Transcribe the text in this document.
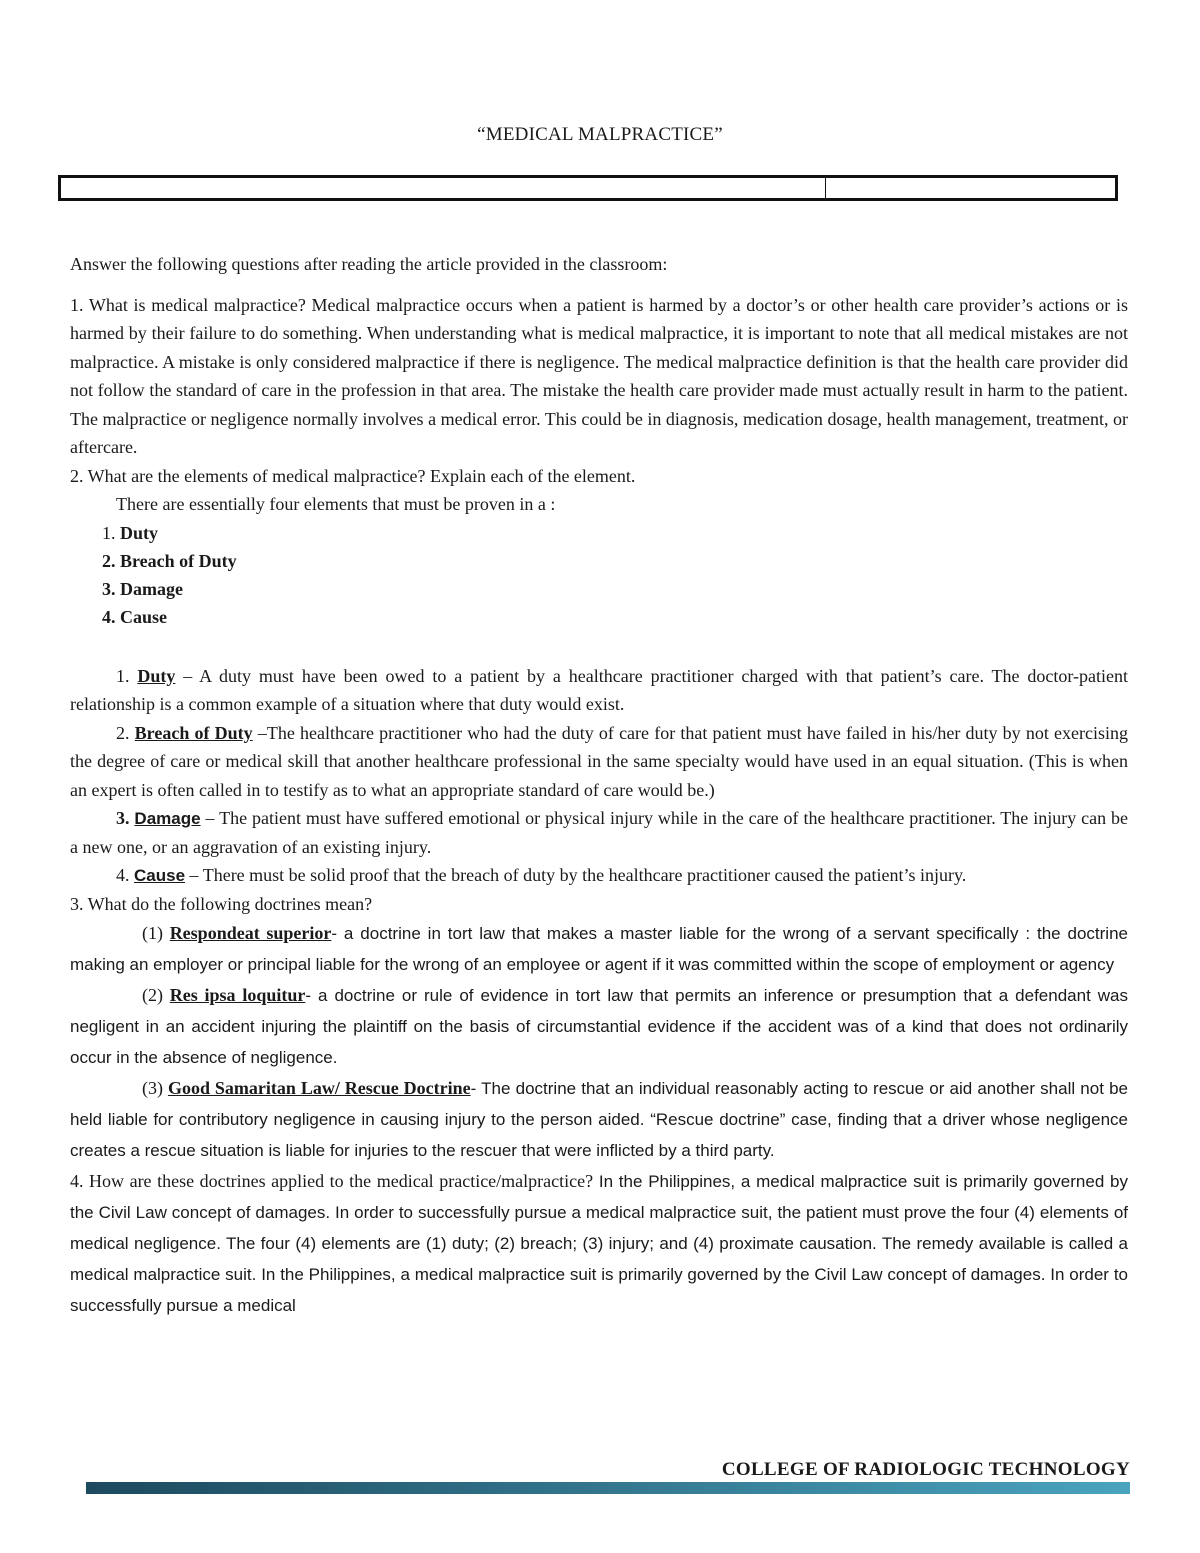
“MEDICAL MALPRACTICE”

Answer the following questions after reading the article provided in the classroom:

1. What is medical malpractice? Medical malpractice occurs when a patient is harmed by a doctor’s or other health care provider’s actions or is harmed by their failure to do something. When understanding what is medical malpractice, it is important to note that all medical mistakes are not malpractice. A mistake is only considered malpractice if there is negligence. The medical malpractice definition is that the health care provider did not follow the standard of care in the profession in that area. The mistake the health care provider made must actually result in harm to the patient. The malpractice or negligence normally involves a medical error. This could be in diagnosis, medication dosage, health management, treatment, or aftercare.

2. What are the elements of medical malpractice? Explain each of the element.

There are essentially four elements that must be proven in a :

1. Duty
2. Breach of Duty
3. Damage
4. Cause

1. Duty – A duty must have been owed to a patient by a healthcare practitioner charged with that patient’s care. The doctor-patient relationship is a common example of a situation where that duty would exist.

2. Breach of Duty –The healthcare practitioner who had the duty of care for that patient must have failed in his/her duty by not exercising the degree of care or medical skill that another healthcare professional in the same specialty would have used in an equal situation. (This is when an expert is often called in to testify as to what an appropriate standard of care would be.)

3. Damage – The patient must have suffered emotional or physical injury while in the care of the healthcare practitioner. The injury can be a new one, or an aggravation of an existing injury.

4. Cause – There must be solid proof that the breach of duty by the healthcare practitioner caused the patient’s injury.

3. What do the following doctrines mean?

(1) Respondeat superior- a doctrine in tort law that makes a master liable for the wrong of a servant specifically : the doctrine making an employer or principal liable for the wrong of an employee or agent if it was committed within the scope of employment or agency

(2) Res ipsa loquitur- a doctrine or rule of evidence in tort law that permits an inference or presumption that a defendant was negligent in an accident injuring the plaintiff on the basis of circumstantial evidence if the accident was of a kind that does not ordinarily occur in the absence of negligence.

(3) Good Samaritan Law/ Rescue Doctrine- The doctrine that an individual reasonably acting to rescue or aid another shall not be held liable for contributory negligence in causing injury to the person aided. “Rescue doctrine” case, finding that a driver whose negligence creates a rescue situation is liable for injuries to the rescuer that were inflicted by a third party.

4. How are these doctrines applied to the medical practice/malpractice? In the Philippines, a medical malpractice suit is primarily governed by the Civil Law concept of damages. In order to successfully pursue a medical malpractice suit, the patient must prove the four (4) elements of medical negligence. The four (4) elements are (1) duty; (2) breach; (3) injury; and (4) proximate causation. The remedy available is called a medical malpractice suit. In the Philippines, a medical malpractice suit is primarily governed by the Civil Law concept of damages. In order to successfully pursue a medical

COLLEGE OF RADIOLOGIC TECHNOLOGY
